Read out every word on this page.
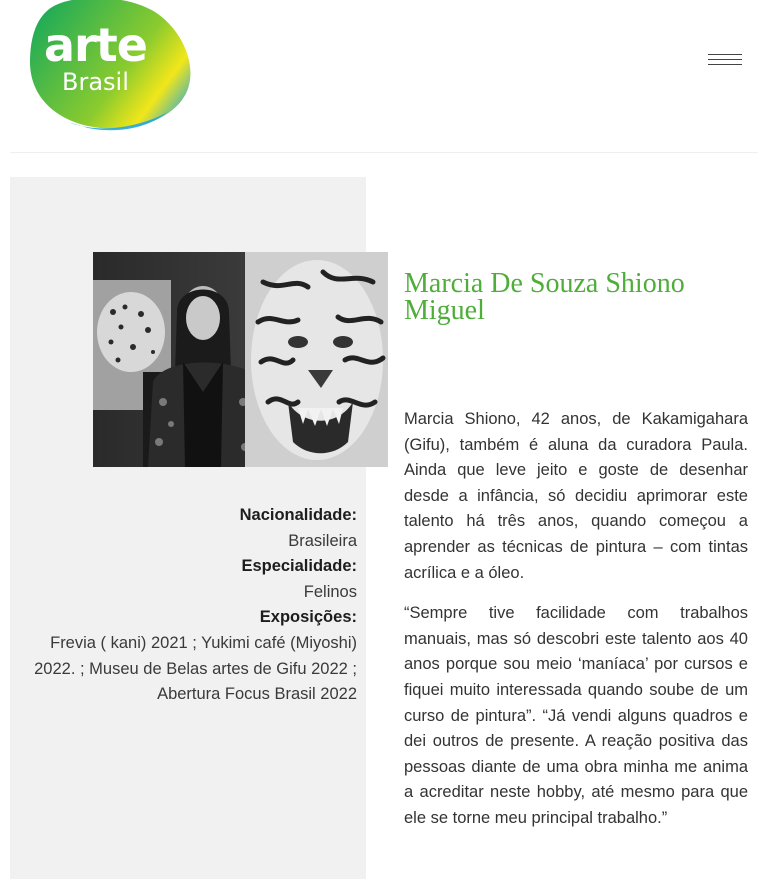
arte
Brasil
Marcia De Souza Shiono Miguel
Nacionalidade:
Brasileira
Especialidade:
Felinos
Exposições:
Frevia ( kani) 2021 ; Yukimi café (Miyoshi) 2022. ; Museu de Belas artes de Gifu 2022 ; Abertura Focus Brasil 2022

Marcia Shiono, 42 anos, de Kakamigahara (Gifu), também é aluna da curadora Paula. Ainda que leve jeito e goste de desenhar desde a infância, só decidiu aprimorar este talento há três anos, quando começou a aprender as técnicas de pintura – com tintas acrílica e a óleo.

“Sempre tive facilidade com trabalhos manuais, mas só descobri este talento aos 40 anos porque sou meio ‘maníaca’ por cursos e fiquei muito interessada quando soube de um curso de pintura”. “Já vendi alguns quadros e dei outros de presente. A reação positiva das pessoas diante de uma obra minha me anima a acreditar neste hobby, até mesmo para que ele se torne meu principal trabalho.”
